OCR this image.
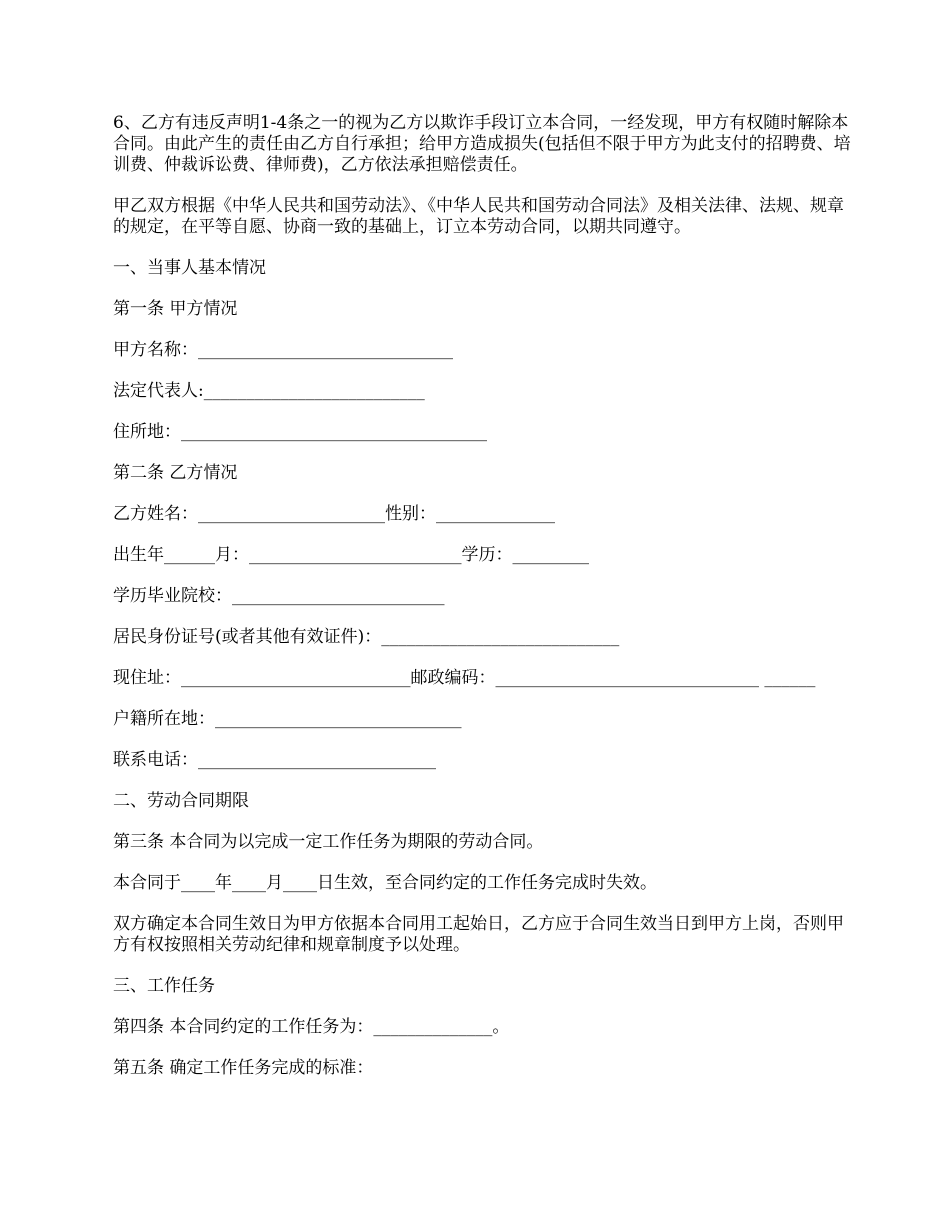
6、乙方有违反声明1-4条之一的视为乙方以欺诈手段订立本合同，一经发现，甲方有权随时解除本合同。由此产生的责任由乙方自行承担；给甲方造成损失(包括但不限于甲方为此支付的招聘费、培训费、仲裁诉讼费、律师费)，乙方依法承担赔偿责任。

甲乙双方根据《中华人民共和国劳动法》、《中华人民共和国劳动合同法》及相关法律、法规、规章的规定，在平等自愿、协商一致的基础上，订立本劳动合同，以期共同遵守。

一、当事人基本情况

第一条 甲方情况

甲方名称：______________________________

法定代表人:__________________________

住所地：____________________________________

第二条 乙方情况

乙方姓名：______________________性别：______________

出生年______月：_________________________学历：_________

学历毕业院校：_________________________

居民身份证号(或者其他有效证件)：____________________________

现住址：___________________________邮政编码：_______________________________ ______

户籍所在地：_____________________________

联系电话：____________________________

二、劳动合同期限

第三条 本合同为以完成一定工作任务为期限的劳动合同。

本合同于____年____月____日生效，至合同约定的工作任务完成时失效。

双方确定本合同生效日为甲方依据本合同用工起始日，乙方应于合同生效当日到甲方上岗，否则甲方有权按照相关劳动纪律和规章制度予以处理。

三、工作任务

第四条 本合同约定的工作任务为：______________。

第五条 确定工作任务完成的标准：
